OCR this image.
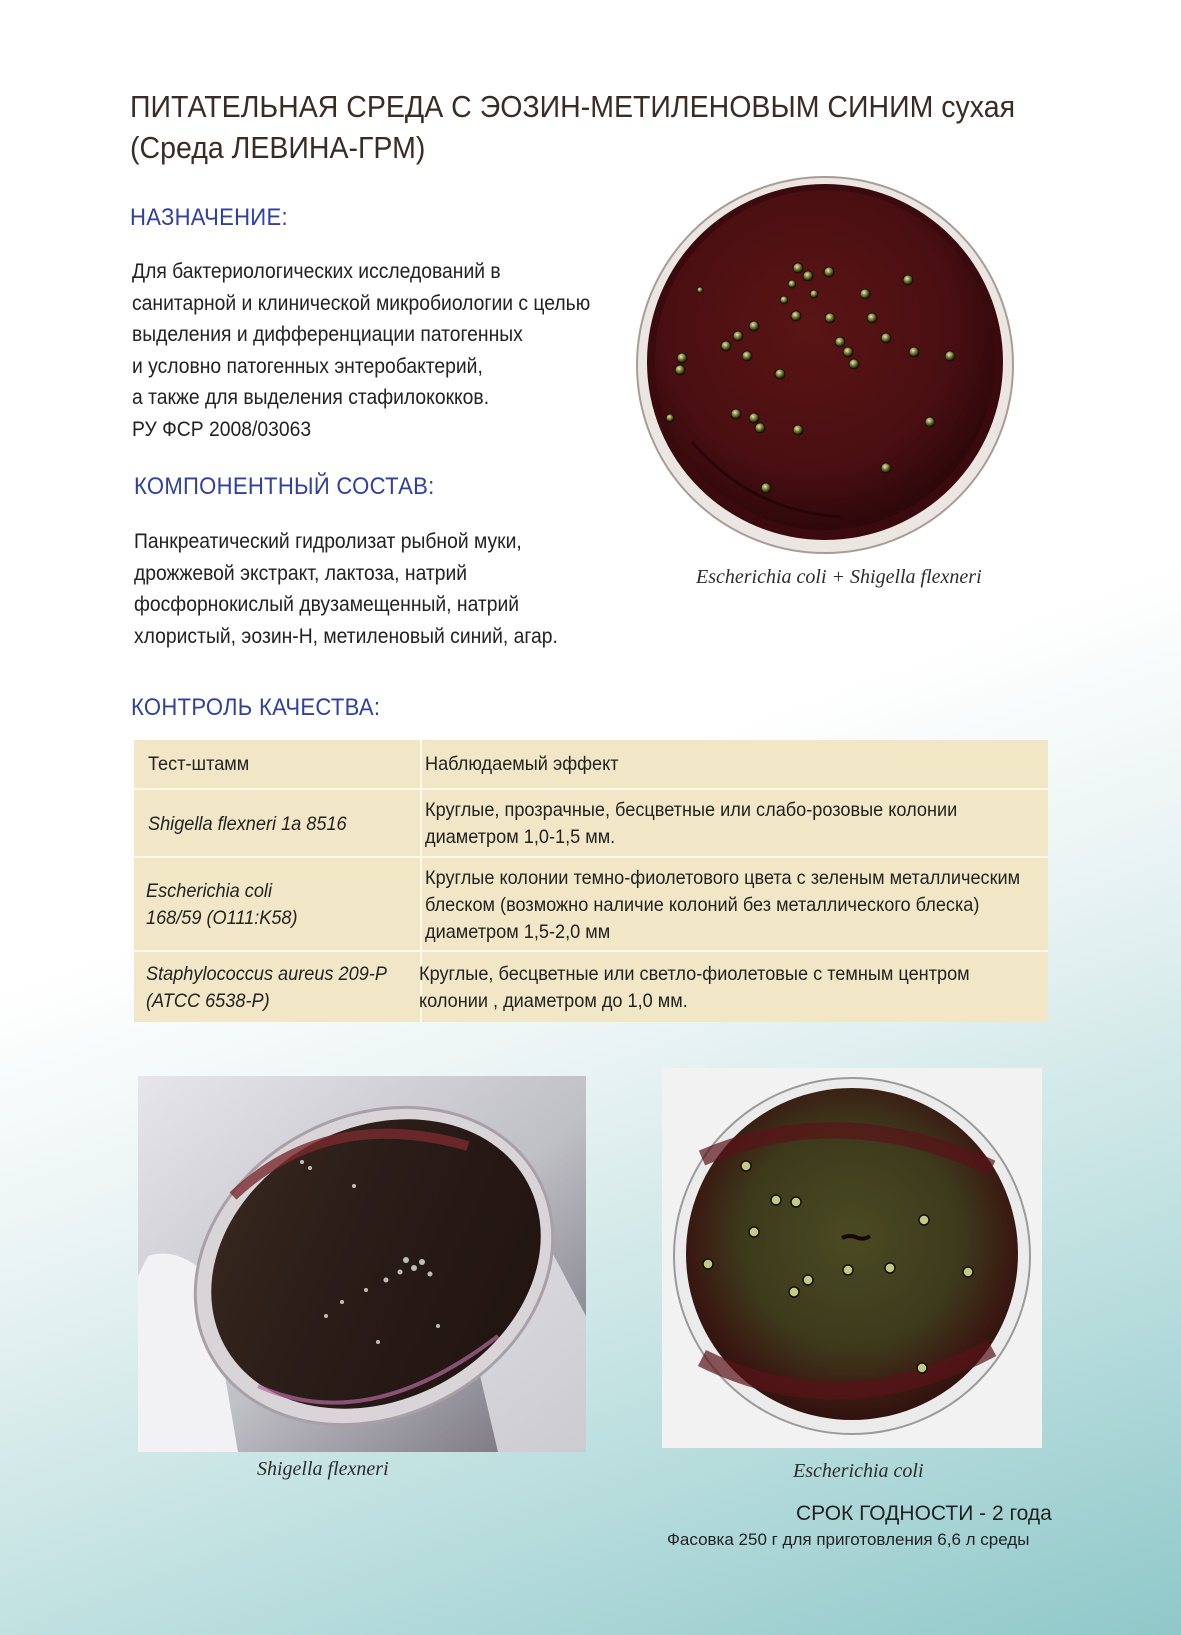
ПИТАТЕЛЬНАЯ СРЕДА С ЭОЗИН-МЕТИЛЕНОВЫМ СИНИМ сухая
(Среда ЛЕВИНА-ГРМ)
НАЗНАЧЕНИЕ:
Для бактериологических исследований в
санитарной и клинической микробиологии с целью
выделения и дифференциации патогенных
и условно патогенных энтеробактерий,
а также для выделения стафилококков.
РУ ФСР 2008/03063
КОМПОНЕНТНЫЙ СОСТАВ:
Панкреатический гидролизат рыбной муки,
дрожжевой экстракт, лактоза, натрий
фосфорнокислый двузамещенный, натрий
хлористый, эозин-Н, метиленовый синий, агар.
Escherichia coli + Shigella flexneri
КОНТРОЛЬ КАЧЕСТВА:
Тест-штамм	Наблюдаемый эффект
Shigella flexneri 1a 8516
Круглые, прозрачные, бесцветные или слабо-розовые колонии
диаметром 1,0-1,5 мм.
Escherichia coli
168/59 (O111:K58)
Круглые колонии темно-фиолетового цвета с зеленым металлическим
блеском (возможно наличие колоний без металлического блеска)
диаметром 1,5-2,0 мм
Staphylococcus aureus 209-P
(ATCC 6538-P)
Круглые, бесцветные или светло-фиолетовые с темным центром
колонии , диаметром до 1,0 мм.
Shigella flexneri	Escherichia coli
СРОК ГОДНОСТИ - 2 года
Фасовка 250 г для приготовления 6,6 л среды
